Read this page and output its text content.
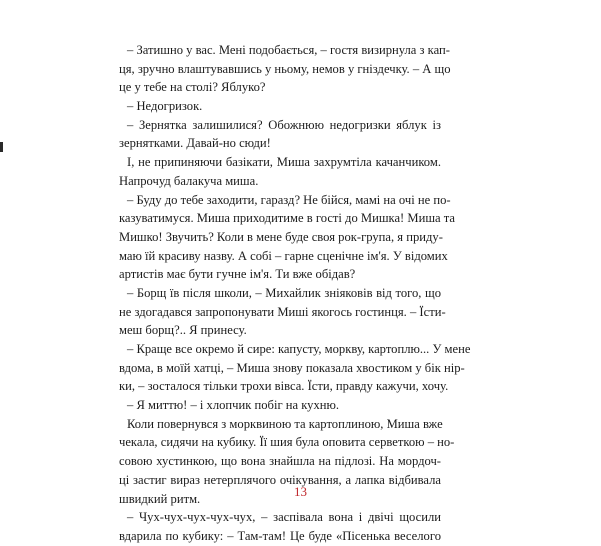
– Затишно у вас. Мені подобається, – гостя визирнула з кап-
ця, зручно влаштувавшись у ньому, немов у гніздечку. – А що
це у тебе на столі? Яблуко?
– Недогризок.
– Зернятка залишилися? Обожнюю недогризки яблук із
зернятками. Давай-но сюди!
І, не припиняючи базікати, Миша захрумтіла качанчиком.
Напрочуд балакуча миша.
– Буду до тебе заходити, гаразд? Не бійся, мамі на очі не по-
казуватимуся. Миша приходитиме в гості до Мишка! Миша та
Мишко! Звучить? Коли в мене буде своя рок-група, я приду-
маю їй красиву назву. А собі – гарне сценічне ім'я. У відомих
артистів має бути гучне ім'я. Ти вже обідав?
– Борщ їв після школи, – Михайлик зніяковів від того, що
не здогадався запропонувати Миші якогось гостинця. – Їсти-
меш борщ?.. Я принесу.
– Краще все окремо й сире: капусту, моркву, картоплю... У мене
вдома, в моїй хатці, – Миша знову показала хвостиком у бік нір-
ки, – зосталося тільки трохи вівса. Їсти, правду кажучи, хочу.
– Я миттю! – і хлопчик побіг на кухню.
Коли повернувся з морквиною та картоплиною, Миша вже
чекала, сидячи на кубику. Її шия була оповита серветкою – но-
совою хустинкою, що вона знайшла на підлозі. На мордоч-
ці застиг вираз нетерплячого очікування, а лапка відбивала
швидкий ритм.
– Чух-чух-чух-чух-чух, – заспівала вона і двічі щосили
вдарила по кубику: – Там-там! Це буде «Пісенька веселого
13
